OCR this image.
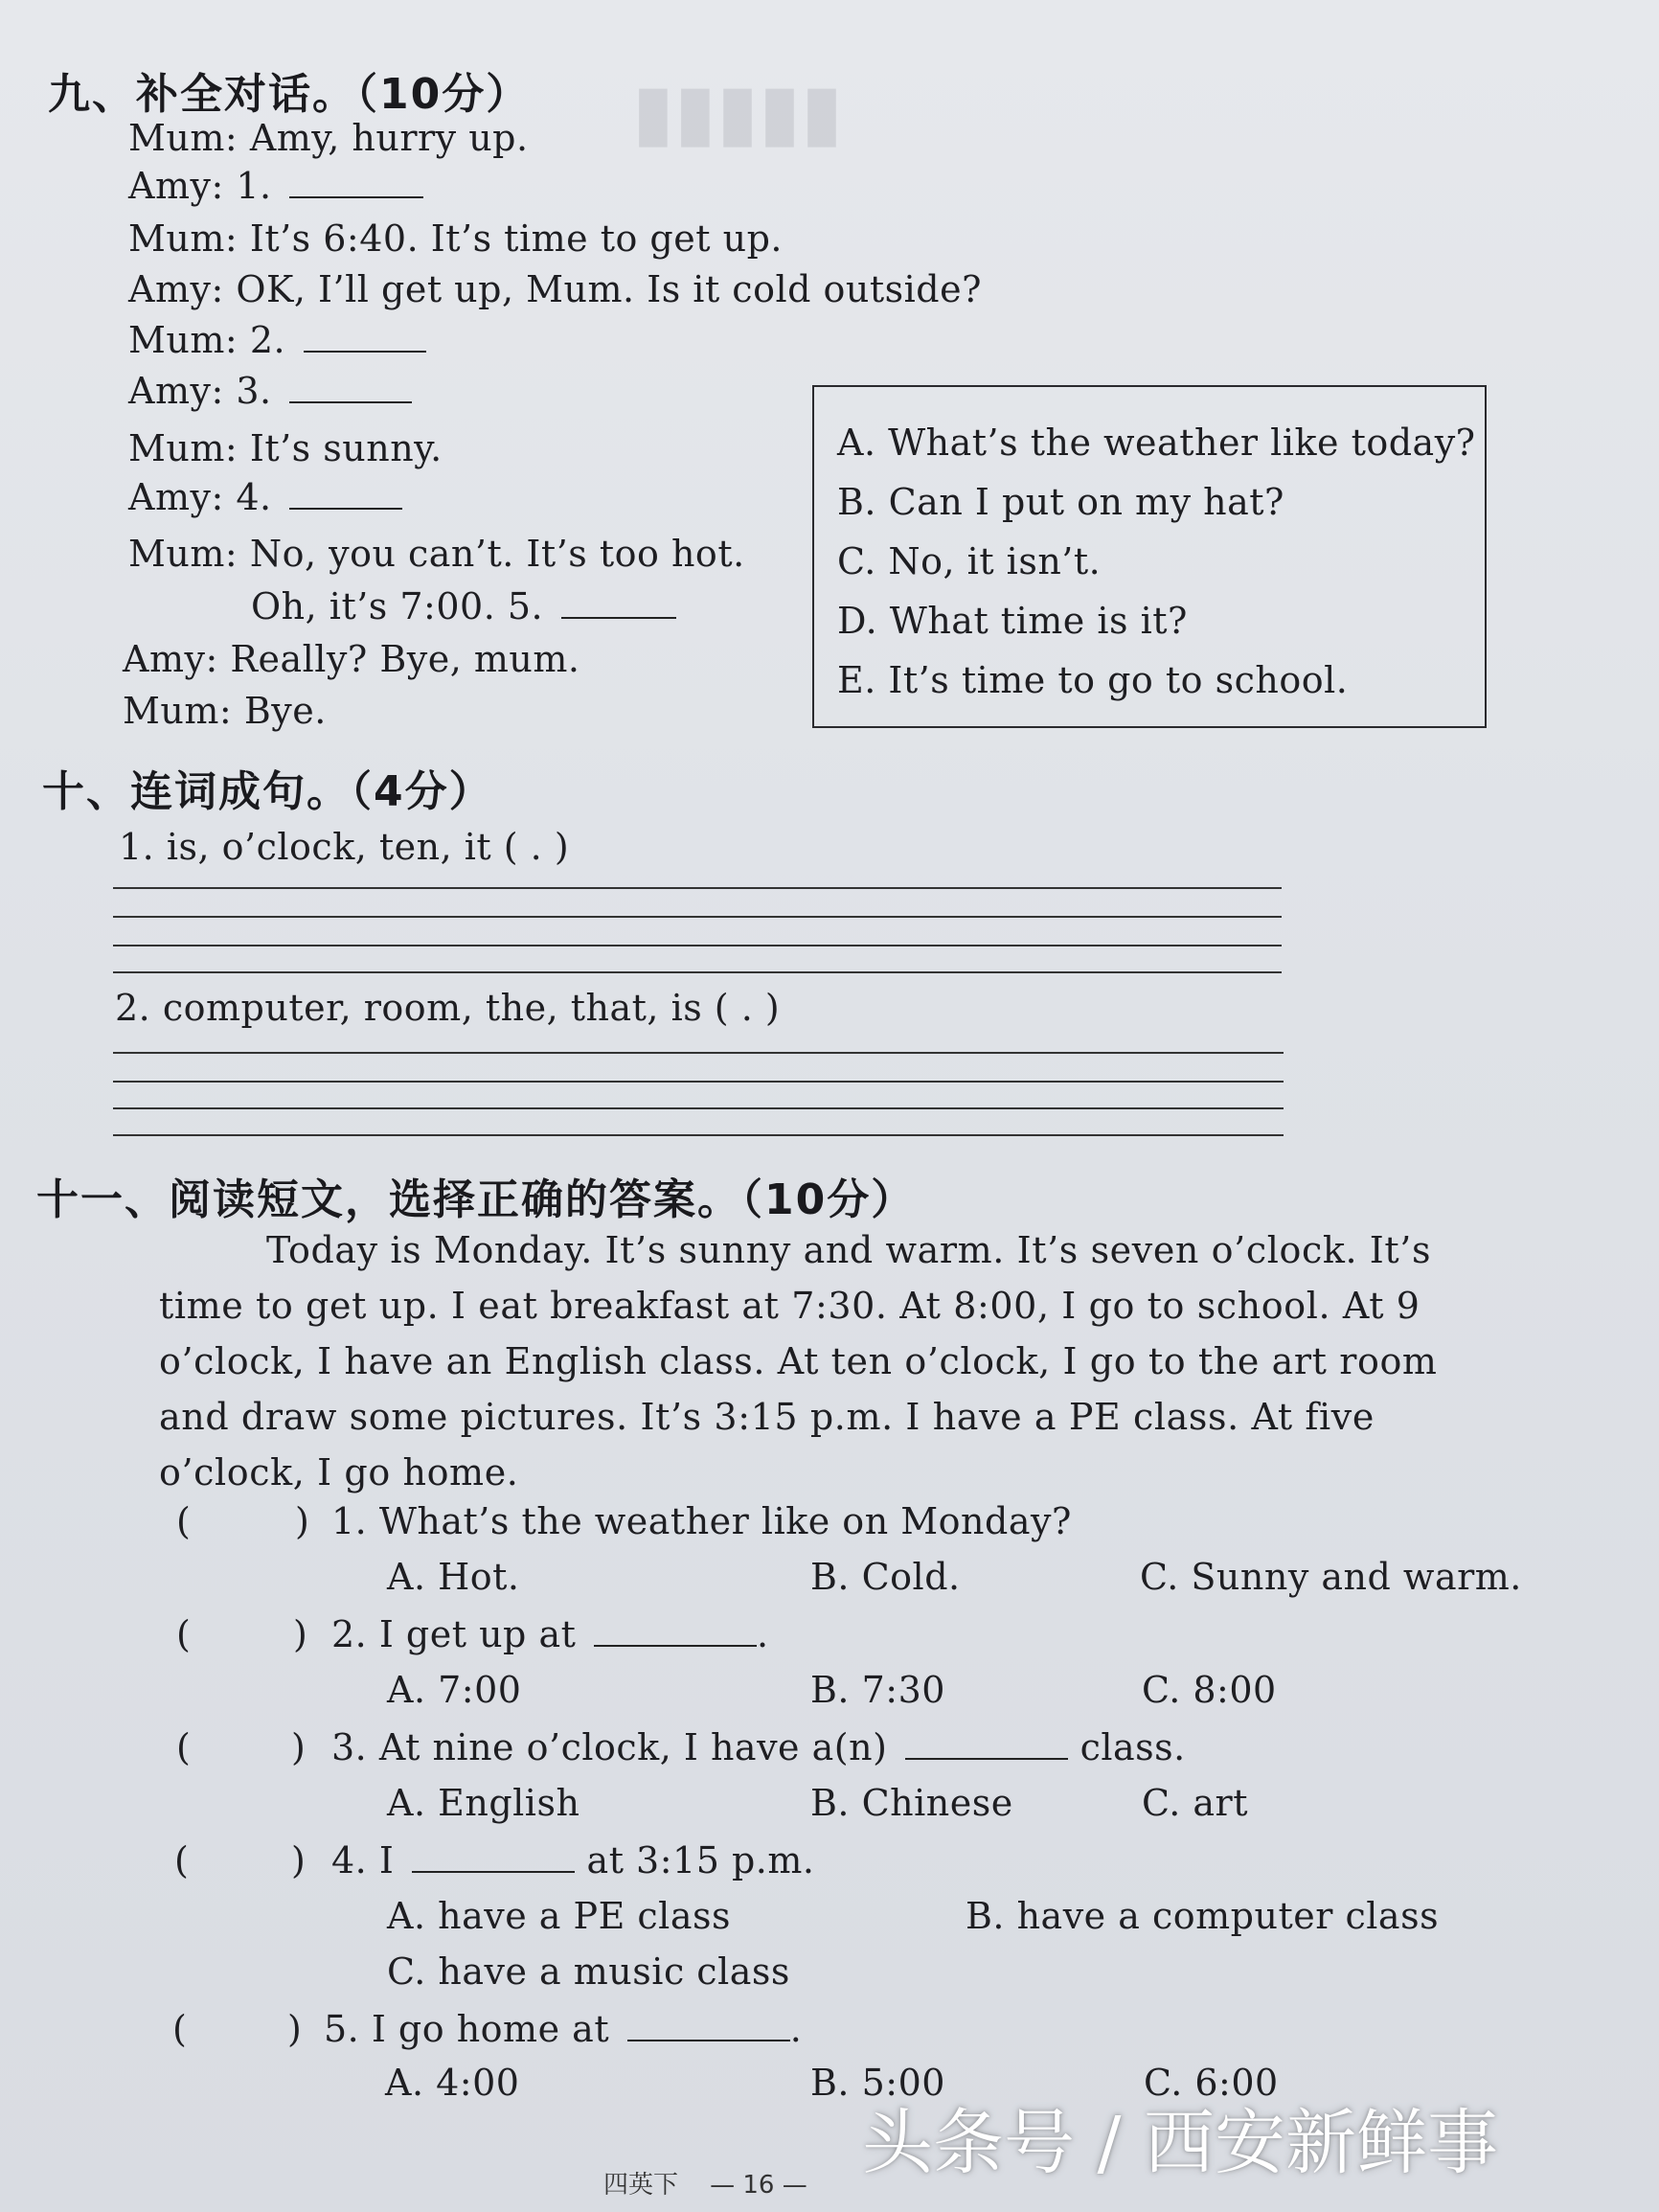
▮▮▮▮▮
九、补全对话。（10分）
Mum: Amy, hurry up.
Amy: 1.
Mum: It’s 6:40. It’s time to get up.
Amy: OK, I’ll get up, Mum. Is it cold outside?
Mum: 2.
Amy: 3.
Mum: It’s sunny.
Amy: 4.
Mum: No, you can’t. It’s too hot.
Oh, it’s 7:00. 5.
Amy: Really? Bye, mum.
Mum: Bye.
A. What’s the weather like today?
B. Can I put on my hat?
C. No, it isn’t.
D. What time is it?
E. It’s time to go to school.
十、连词成句。（4分）
1. is, o’clock, ten, it ( . )
2. computer, room, the, that, is ( . )
十一、阅读短文，选择正确的答案。（10分）
Today is Monday. It’s sunny and warm. It’s seven o’clock. It’s
time to get up. I eat breakfast at 7:30. At 8:00, I go to school. At 9
o’clock, I have an English class. At ten o’clock, I go to the art room
and draw some pictures. It’s 3:15 p.m. I have a PE class. At five
o’clock, I go home.
(	) 1. What’s the weather like on Monday?
A. Hot.	B. Cold.	C. Sunny and warm.
(	) 2. I get up at	.
A. 7:00	B. 7:30	C. 8:00
(	) 3. At nine o’clock, I have a(n)	class.
A. English	B. Chinese	C. art
(	) 4. I	at 3:15 p.m.
A. have a PE class	B. have a computer class
C. have a music class
(	) 5. I go home at	.
A. 4:00	B. 5:00	C. 6:00
四英下 — 16 —
头条号 / 西安新鲜事
